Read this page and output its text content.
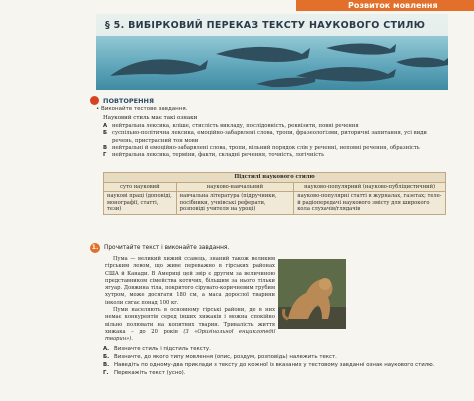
Розвиток мовлення
§ 5. ВИБІРКОВИЙ ПЕРЕКАЗ ТЕКСТУ НАУКОВОГО СТИЛЮ
ПОВТОРЕННЯ
• Виконайте тестове завдання.
Науковий стиль має такі ознаки
А нейтральна лексика, кліше, стислість викладу, послідовність, реквізити, повні речення
Б суспільно-політична лексика, емоційно-забарвлені слова, тропи, фразеологізми, риторичні запитання, усі види речень, пристрасний тон мови
В нейтральні й емоційно-забарвлені слова, тропи, вільний порядок слів у реченні, неповні речення, образність
Г	нейтральна лексика, терміни, факти, складні речення, точність, логічність
Підстилі наукового стилю		
суто науковий	науково-навчальний	науково-популярний (науково-публіцистичний)
наукові праці (доповіді, монографії, статті, тези)	навчальна література (підручники, посібники, учнівські реферати, розповіді учителя на уроці)	науково-популярні статті в журналах, газетах; теле- й радіопередачі наукового змісту для широкого кола слухачів/глядачів
1. Прочитайте текст і виконайте завдання.

Пума — великий хижий ссавець, знаний також великим гірським левом, що живе переважно в гірських районах США й Канади. В Америці цей звір є другим за величиною представником сімейства котячих, більшим за нього тільки ягуар. Довжина тіла, покритого сірувато-коричневим грубим хутром, може досягати 180 см, а маса дорослої тварини інколи сягає понад 100 кг.

Пуми населяють в основному гірські райони, де в них немає конкурентів серед інших хижаків і можна спокійно вільно полювати на копитних тварин. Тривалість життя хижака – до 20 років (З «Оригінальної енциклопедії тварин»).

А. Визначте стиль і підстиль тексту.
Б. Визначте, до якого типу мовлення (опис, роздум, розповідь) належить текст.
В. Наведіть по одному-два приклади з тексту до кожної із вказаних у тестовому завданні ознак наукового стилю.
Г.	Перекажіть текст (усно).
